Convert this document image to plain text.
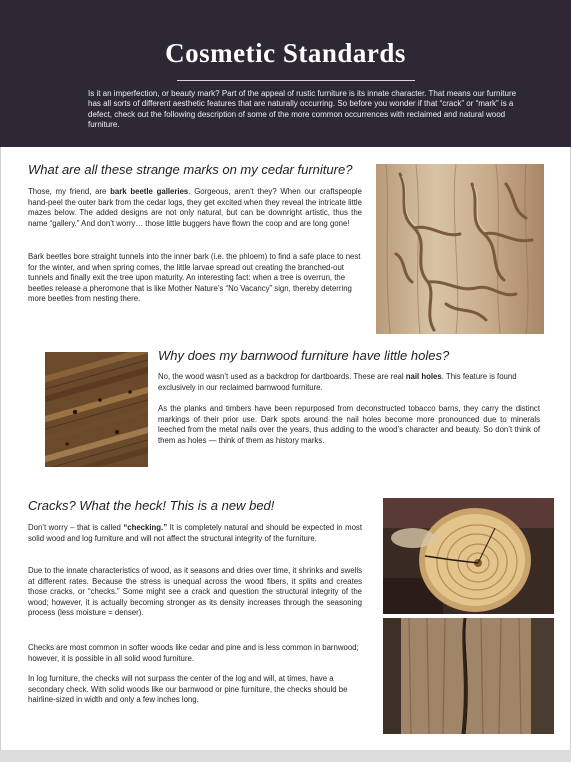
Cosmetic Standards
Is it an imperfection, or beauty mark? Part of the appeal of rustic furniture is its innate character. That means our furniture has all sorts of different aesthetic features that are naturally occurring. So before you wonder if that “crack” or “mark” is a defect, check out the following description of some of the more common occurrences with reclaimed and natural wood furniture.
What are all these strange marks on my cedar furniture?
Those, my friend, are bark beetle galleries. Gorgeous, aren’t they? When our craftspeople hand-peel the outer bark from the cedar logs, they get excited when they reveal the intricate little mazes below. The added designs are not only natural, but can be downright artistic, thus the name “gallery.” And don’t worry… those little buggers have flown the coop and are long gone!
Bark beetles bore straight tunnels into the inner bark (i.e. the phloem) to find a safe place to nest for the winter, and when spring comes, the little larvae spread out creating the branched-out tunnels and finally exit the tree upon maturity. An interesting fact: when a tree is overrun, the beetles release a pheromone that is like Mother Nature’s “No Vacancy” sign, thereby deterring more beetles from nesting there.
Why does my barnwood furniture have little holes?
No, the wood wasn’t used as a backdrop for dartboards. These are real nail holes. This feature is found exclusively in our reclaimed barnwood furniture.
As the planks and timbers have been repurposed from deconstructed tobacco barns, they carry the distinct markings of their prior use. Dark spots around the nail holes become more pronounced due to minerals leeched from the metal nails over the years, thus adding to the wood’s character and beauty. So don’t think of them as holes — think of them as history marks.
Cracks? What the heck! This is a new bed!
Don’t worry – that is called “checking.” It is completely natural and should be expected in most solid wood and log furniture and will not affect the structural integrity of the furniture.
Due to the innate characteristics of wood, as it seasons and dries over time, it shrinks and swells at different rates. Because the stress is unequal across the wood fibers, it splits and creates those cracks, or “checks.” Some might see a crack and question the structural integrity of the wood; however, it is actually becoming stronger as its density increases through the seasoning process (less moisture = denser).
Checks are most common in softer woods like cedar and pine and is less common in barnwood; however, it is possible in all solid wood furniture.
In log furniture, the checks will not surpass the center of the log and will, at times, have a secondary check. With solid woods like our barnwood or pine furniture, the checks should be hairline-sized in width and only a few inches long.
